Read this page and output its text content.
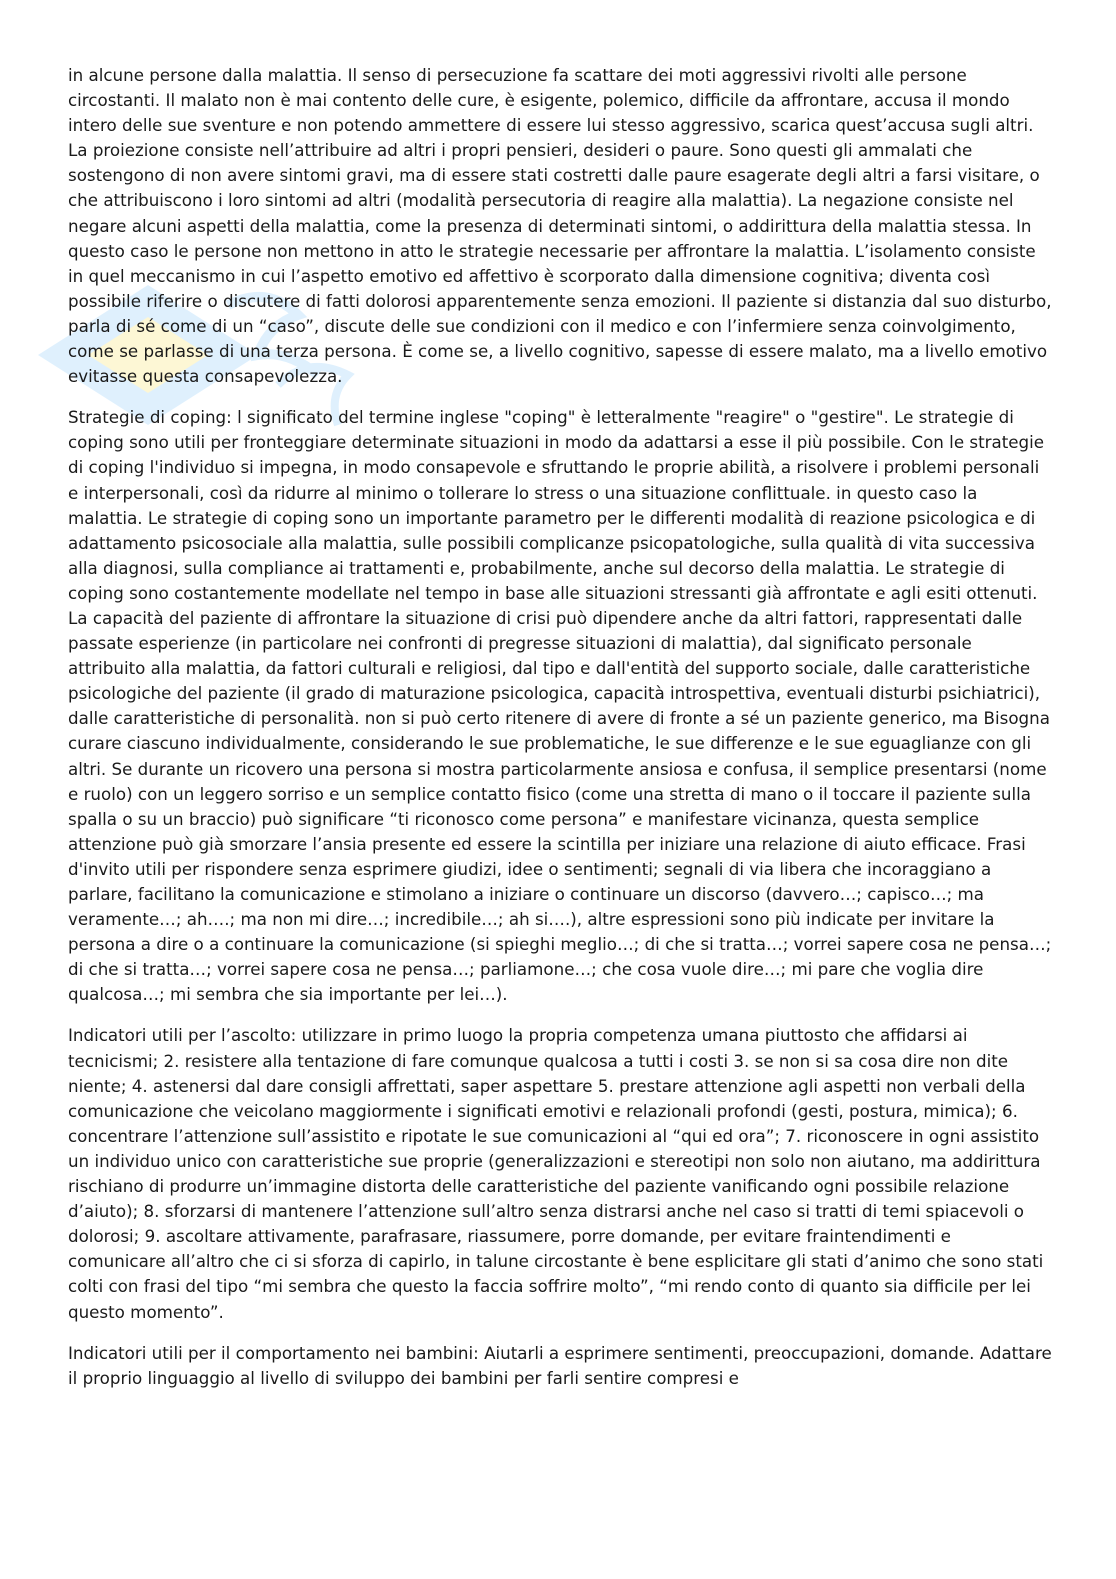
in alcune persone dalla malattia. Il senso di persecuzione fa scattare dei moti aggressivi rivolti alle persone circostanti. Il malato non è mai contento delle cure, è esigente, polemico, difficile da affrontare, accusa il mondo intero delle sue sventure e non potendo ammettere di essere lui stesso aggressivo, scarica quest’accusa sugli altri. La proiezione consiste nell’attribuire ad altri i propri pensieri, desideri o paure. Sono questi gli ammalati che sostengono di non avere sintomi gravi, ma di essere stati costretti dalle paure esagerate degli altri a farsi visitare, o che attribuiscono i loro sintomi ad altri (modalità persecutoria di reagire alla malattia). La negazione consiste nel negare alcuni aspetti della malattia, come la presenza di determinati sintomi, o addirittura della malattia stessa. In questo caso le persone non mettono in atto le strategie necessarie per affrontare la malattia. L’isolamento consiste in quel meccanismo in cui l’aspetto emotivo ed affettivo è scorporato dalla dimensione cognitiva; diventa così possibile riferire o discutere di fatti dolorosi apparentemente senza emozioni. Il paziente si distanzia dal suo disturbo, parla di sé come di un “caso”, discute delle sue condizioni con il medico e con l’infermiere senza coinvolgimento, come se parlasse di una terza persona. È come se, a livello cognitivo, sapesse di essere malato, ma a livello emotivo evitasse questa consapevolezza.

Strategie di coping: l significato del termine inglese "coping" è letteralmente "reagire" o "gestire". Le strategie di coping sono utili per fronteggiare determinate situazioni in modo da adattarsi a esse il più possibile. Con le strategie di coping l'individuo si impegna, in modo consapevole e sfruttando le proprie abilità, a risolvere i problemi personali e interpersonali, così da ridurre al minimo o tollerare lo stress o una situazione conflittuale. in questo caso la malattia. Le strategie di coping sono un importante parametro per le differenti modalità di reazione psicologica e di adattamento psicosociale alla malattia, sulle possibili complicanze psicopatologiche, sulla qualità di vita successiva alla diagnosi, sulla compliance ai trattamenti e, probabilmente, anche sul decorso della malattia. Le strategie di coping sono costantemente modellate nel tempo in base alle situazioni stressanti già affrontate e agli esiti ottenuti. La capacità del paziente di affrontare la situazione di crisi può dipendere anche da altri fattori, rappresentati dalle passate esperienze (in particolare nei confronti di pregresse situazioni di malattia), dal significato personale attribuito alla malattia, da fattori culturali e religiosi, dal tipo e dall'entità del supporto sociale, dalle caratteristiche psicologiche del paziente (il grado di maturazione psicologica, capacità introspettiva, eventuali disturbi psichiatrici), dalle caratteristiche di personalità. non si può certo ritenere di avere di fronte a sé un paziente generico, ma Bisogna curare ciascuno individualmente, considerando le sue problematiche, le sue differenze e le sue eguaglianze con gli altri. Se durante un ricovero una persona si mostra particolarmente ansiosa e confusa, il semplice presentarsi (nome e ruolo) con un leggero sorriso e un semplice contatto fisico (come una stretta di mano o il toccare il paziente sulla spalla o su un braccio) può significare “ti riconosco come persona” e manifestare vicinanza, questa semplice attenzione può già smorzare l’ansia presente ed essere la scintilla per iniziare una relazione di aiuto efficace. Frasi d'invito utili per rispondere senza esprimere giudizi, idee o sentimenti; segnali di via libera che incoraggiano a parlare, facilitano la comunicazione e stimolano a iniziare o continuare un discorso (davvero…; capisco…; ma veramente…; ah….; ma non mi dire…; incredibile…; ah si….), altre espressioni sono più indicate per invitare la persona a dire o a continuare la comunicazione (si spieghi meglio…; di che si tratta…; vorrei sapere cosa ne pensa…; di che si tratta…; vorrei sapere cosa ne pensa…; parliamone…; che cosa vuole dire…; mi pare che voglia dire qualcosa…; mi sembra che sia importante per lei…).

Indicatori utili per l’ascolto: utilizzare in primo luogo la propria competenza umana piuttosto che affidarsi ai tecnicismi; 2. resistere alla tentazione di fare comunque qualcosa a tutti i costi 3. se non si sa cosa dire non dite niente; 4. astenersi dal dare consigli affrettati, saper aspettare 5. prestare attenzione agli aspetti non verbali della comunicazione che veicolano maggiormente i significati emotivi e relazionali profondi (gesti, postura, mimica); 6. concentrare l’attenzione sull’assistito e ripotate le sue comunicazioni al “qui ed ora”; 7. riconoscere in ogni assistito un individuo unico con caratteristiche sue proprie (generalizzazioni e stereotipi non solo non aiutano, ma addirittura rischiano di produrre un’immagine distorta delle caratteristiche del paziente vanificando ogni possibile relazione d’aiuto); 8. sforzarsi di mantenere l’attenzione sull’altro senza distrarsi anche nel caso si tratti di temi spiacevoli o dolorosi; 9. ascoltare attivamente, parafrasare, riassumere, porre domande, per evitare fraintendimenti e comunicare all’altro che ci si sforza di capirlo, in talune circostante è bene esplicitare gli stati d’animo che sono stati colti con frasi del tipo “mi sembra che questo la faccia soffrire molto”, “mi rendo conto di quanto sia difficile per lei questo momento”.

Indicatori utili per il comportamento nei bambini: Aiutarli a esprimere sentimenti, preoccupazioni, domande. Adattare il proprio linguaggio al livello di sviluppo dei bambini per farli sentire compresi e
